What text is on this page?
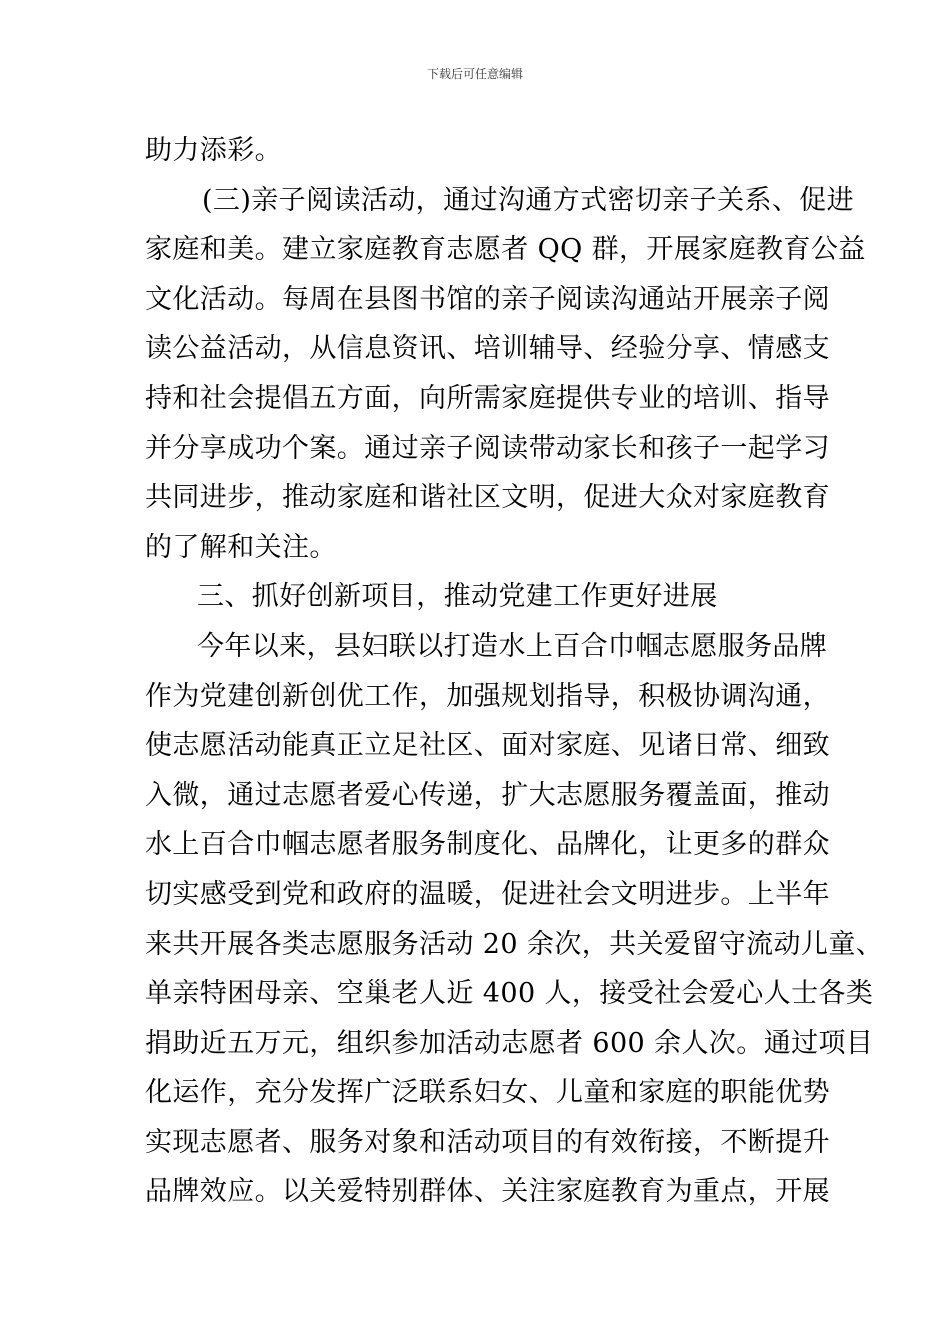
下载后可任意编辑
助力添彩。
(三)亲子阅读活动，通过沟通方式密切亲子关系、促进
家庭和美。建立家庭教育志愿者 QQ 群，开展家庭教育公益
文化活动。每周在县图书馆的亲子阅读沟通站开展亲子阅
读公益活动，从信息资讯、培训辅导、经验分享、情感支
持和社会提倡五方面，向所需家庭提供专业的培训、指导
并分享成功个案。通过亲子阅读带动家长和孩子一起学习
共同进步，推动家庭和谐社区文明，促进大众对家庭教育
的了解和关注。
三、抓好创新项目，推动党建工作更好进展
今年以来，县妇联以打造水上百合巾帼志愿服务品牌
作为党建创新创优工作，加强规划指导，积极协调沟通，
使志愿活动能真正立足社区、面对家庭、见诸日常、细致
入微，通过志愿者爱心传递，扩大志愿服务覆盖面，推动
水上百合巾帼志愿者服务制度化、品牌化，让更多的群众
切实感受到党和政府的温暖，促进社会文明进步。上半年
来共开展各类志愿服务活动 20 余次，共关爱留守流动儿童、
单亲特困母亲、空巢老人近 400 人，接受社会爱心人士各类
捐助近五万元，组织参加活动志愿者 600 余人次。通过项目
化运作，充分发挥广泛联系妇女、儿童和家庭的职能优势
实现志愿者、服务对象和活动项目的有效衔接，不断提升
品牌效应。以关爱特别群体、关注家庭教育为重点，开展
